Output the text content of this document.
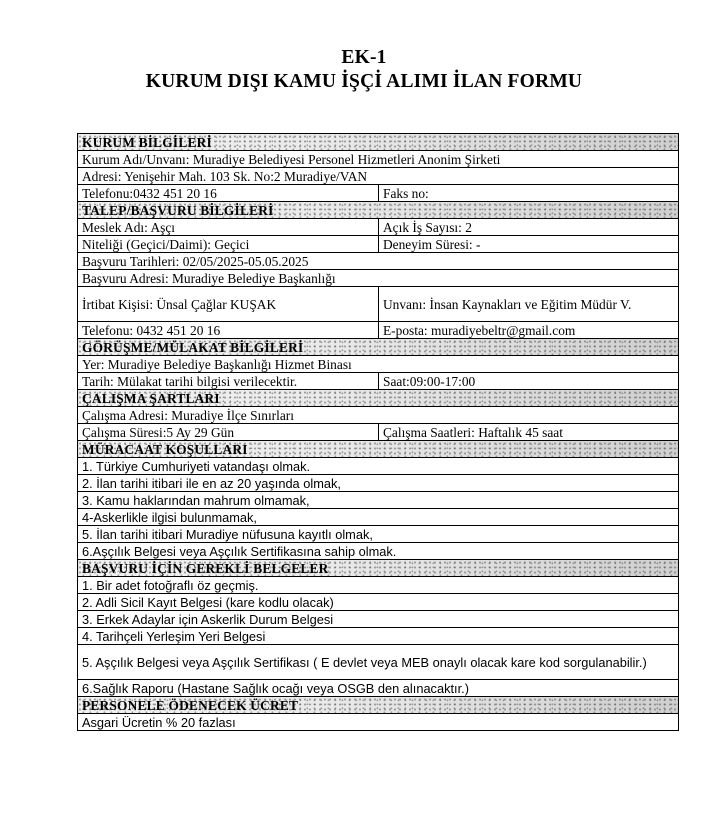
EK-1
KURUM DIŞI KAMU İŞÇİ ALIMI İLAN FORMU
KURUM BİLGİLERİ	
Kurum Adı/Unvanı: Muradiye Belediyesi Personel Hizmetleri Anonim Şirketi	
Adresi: Yenişehir Mah. 103 Sk. No:2 Muradiye/VAN	
Telefonu:0432 451 20 16	Faks no:
TALEP/BAŞVURU BİLGİLERİ	
Meslek Adı: Aşçı	Açık İş Sayısı: 2
Niteliği (Geçici/Daimi): Geçici	Deneyim Süresi: -
Başvuru Tarihleri: 02/05/2025-05.05.2025	
Başvuru Adresi: Muradiye Belediye Başkanlığı	
İrtibat Kişisi: Ünsal Çağlar KUŞAK	Unvanı: İnsan Kaynakları ve Eğitim Müdür V.
Telefonu: 0432 451 20 16	E-posta: muradiyebeltr@gmail.com
GÖRÜŞME/MÜLAKAT BİLGİLERİ	
Yer: Muradiye Belediye Başkanlığı Hizmet Binası	
Tarih: Mülakat tarihi bilgisi verilecektir.	Saat:09:00-17:00
ÇALIŞMA ŞARTLARI	
Çalışma Adresi: Muradiye İlçe Sınırları	
Çalışma Süresi:5 Ay 29 Gün	Çalışma Saatleri: Haftalık 45 saat
MÜRACAAT KOŞULLARI	
1. Türkiye Cumhuriyeti vatandaşı olmak.	
2. İlan tarihi itibari ile en az 20 yaşında olmak,	
3. Kamu haklarından mahrum olmamak,	
4-Askerlikle ilgisi bulunmamak,	
5. İlan tarihi itibari Muradiye nüfusuna kayıtlı olmak,	
6.Aşçılık Belgesi veya Aşçılık Sertifikasına sahip olmak.	
BAŞVURU İÇİN GEREKLİ BELGELER	
1. Bir adet fotoğraflı öz geçmiş.	
2. Adli Sicil Kayıt Belgesi (kare kodlu olacak)	
3. Erkek Adaylar için Askerlik Durum Belgesi	
4. Tarihçeli Yerleşim Yeri Belgesi	
5. Aşçılık Belgesi veya Aşçılık Sertifikası ( E devlet veya MEB onaylı olacak kare kod sorgulanabilir.)	
6.Sağlık Raporu (Hastane Sağlık ocağı veya OSGB den alınacaktır.)	
PERSONELE ÖDENECEK ÜCRET	
Asgari Ücretin % 20 fazlası	
